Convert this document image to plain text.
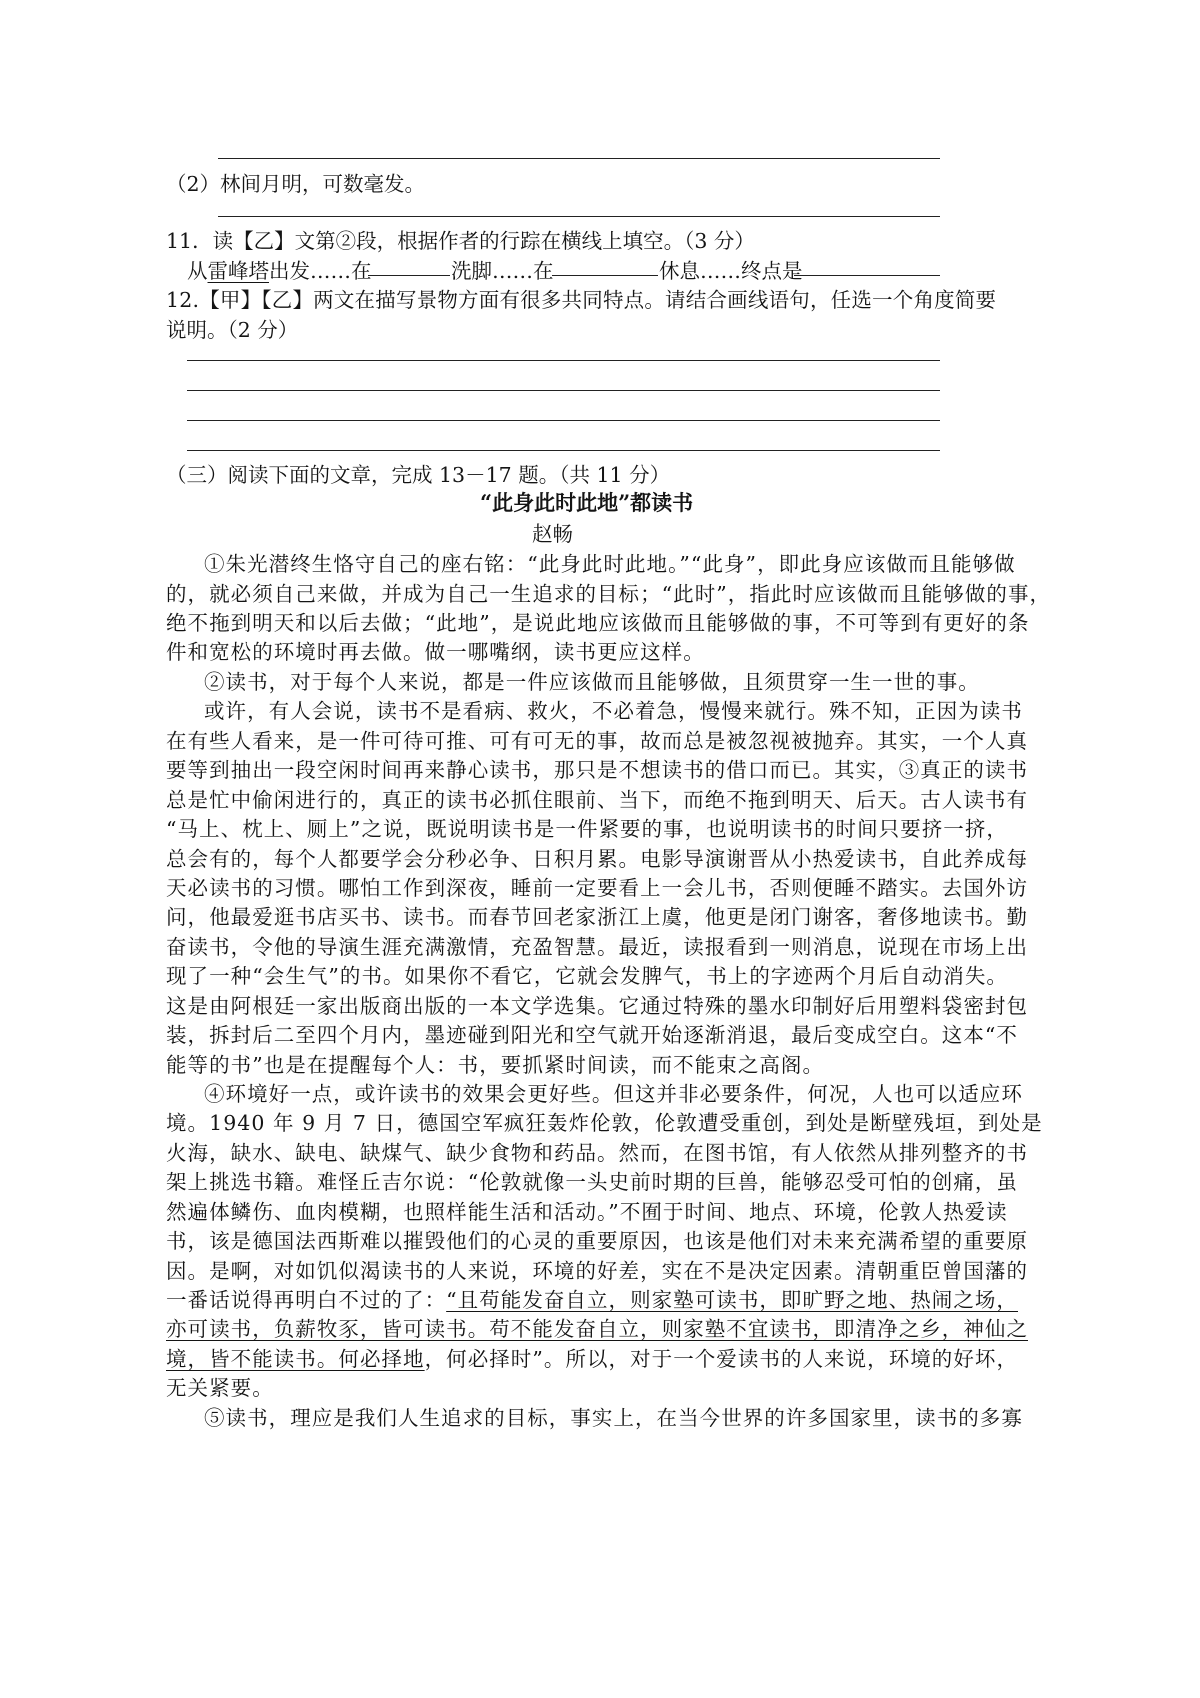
（2）林间月明，可数毫发。
11．读【乙】文第②段，根据作者的行踪在横线上填空。（3 分）
从雷峰塔出发……在	洗脚……在	休息……终点是
12.【甲】【乙】两文在描写景物方面有很多共同特点。请结合画线语句，任选一个角度简要
说明。（2 分）
（三）阅读下面的文章，完成 13－17 题。（共 11 分）
“此身此时此地”都读书
赵畅
①朱光潜终生恪守自己的座右铭：“此身此时此地。”“此身”，即此身应该做而且能够做
的，就必须自己来做，并成为自己一生追求的目标；“此时”，指此时应该做而且能够做的事，
绝不拖到明天和以后去做；“此地”，是说此地应该做而且能够做的事，不可等到有更好的条
件和宽松的环境时再去做。做一哪嘴纲，读书更应这样。
②读书，对于每个人来说，都是一件应该做而且能够做，且须贯穿一生一世的事。
或许，有人会说，读书不是看病、救火，不必着急，慢慢来就行。殊不知，正因为读书
在有些人看来，是一件可待可推、可有可无的事，故而总是被忽视被抛弃。其实，一个人真
要等到抽出一段空闲时间再来静心读书，那只是不想读书的借口而已。其实，③真正的读书
总是忙中偷闲进行的，真正的读书必抓住眼前、当下，而绝不拖到明天、后天。古人读书有
“马上、枕上、厕上”之说，既说明读书是一件紧要的事，也说明读书的时间只要挤一挤，
总会有的，每个人都要学会分秒必争、日积月累。电影导演谢晋从小热爱读书，自此养成每
天必读书的习惯。哪怕工作到深夜，睡前一定要看上一会儿书，否则便睡不踏实。去国外访
问，他最爱逛书店买书、读书。而春节回老家浙江上虞，他更是闭门谢客，奢侈地读书。勤
奋读书，令他的导演生涯充满激情，充盈智慧。最近，读报看到一则消息，说现在市场上出
现了一种“会生气”的书。如果你不看它，它就会发脾气，书上的字迹两个月后自动消失。
这是由阿根廷一家出版商出版的一本文学选集。它通过特殊的墨水印制好后用塑料袋密封包
装，拆封后二至四个月内，墨迹碰到阳光和空气就开始逐渐消退，最后变成空白。这本“不
能等的书”也是在提醒每个人：书，要抓紧时间读，而不能束之高阁。
④环境好一点，或许读书的效果会更好些。但这并非必要条件，何况，人也可以适应环
境。1940 年 9 月 7 日，德国空军疯狂轰炸伦敦，伦敦遭受重创，到处是断壁残垣，到处是
火海，缺水、缺电、缺煤气、缺少食物和药品。然而，在图书馆，有人依然从排列整齐的书
架上挑选书籍。难怪丘吉尔说：“伦敦就像一头史前时期的巨兽，能够忍受可怕的创痛，虽
然遍体鳞伤、血肉模糊，也照样能生活和活动。”不囿于时间、地点、环境，伦敦人热爱读
书，该是德国法西斯难以摧毁他们的心灵的重要原因，也该是他们对未来充满希望的重要原
因。是啊，对如饥似渴读书的人来说，环境的好差，实在不是决定因素。清朝重臣曾国藩的
一番话说得再明白不过的了：“且苟能发奋自立，则家塾可读书，即旷野之地、热闹之场，
亦可读书，负薪牧豕，皆可读书。苟不能发奋自立，则家塾不宜读书，即清净之乡，神仙之
境，皆不能读书。何必择地，何必择时”。所以，对于一个爱读书的人来说，环境的好坏，
无关紧要。
⑤读书，理应是我们人生追求的目标，事实上，在当今世界的许多国家里，读书的多寡
